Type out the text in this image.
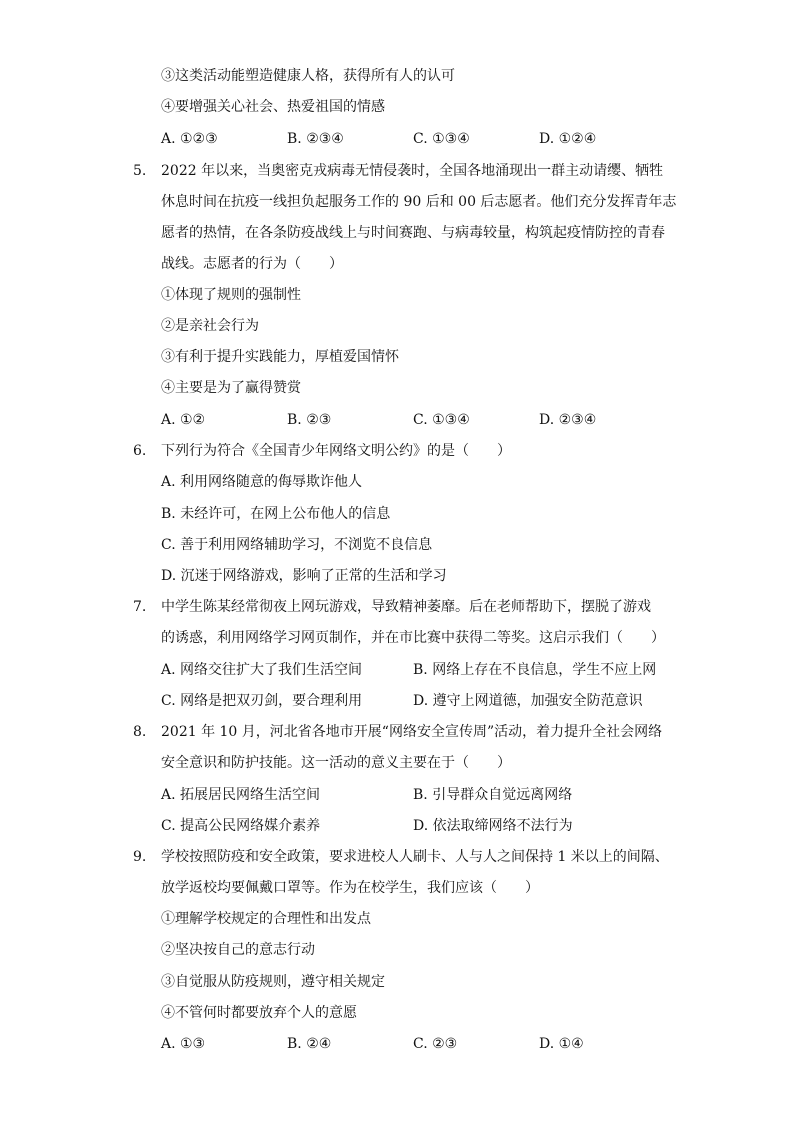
③这类活动能塑造健康人格，获得所有人的认可
④要增强关心社会、热爱祖国的情感
A. ①②③	B. ②③④	C. ①③④	D. ①②④
5. 2022 年以来，当奥密克戎病毒无情侵袭时，全国各地涌现出一群主动请缨、牺牲
休息时间在抗疫一线担负起服务工作的 90 后和 00 后志愿者。他们充分发挥青年志
愿者的热情，在各条防疫战线上与时间赛跑、与病毒较量，构筑起疫情防控的青春
战线。志愿者的行为（　　）
①体现了规则的强制性
②是亲社会行为
③有利于提升实践能力，厚植爱国情怀
④主要是为了赢得赞赏
A. ①②	B. ②③	C. ①③④	D. ②③④
6. 下列行为符合《全国青少年网络文明公约》的是（　　）
A. 利用网络随意的侮辱欺诈他人
B. 未经许可，在网上公布他人的信息
C. 善于利用网络辅助学习，不浏览不良信息
D. 沉迷于网络游戏，影响了正常的生活和学习
7. 中学生陈某经常彻夜上网玩游戏，导致精神萎靡。后在老师帮助下，摆脱了游戏
的诱惑，利用网络学习网页制作，并在市比赛中获得二等奖。这启示我们（　　）
A. 网络交往扩大了我们生活空间	B. 网络上存在不良信息，学生不应上网
C. 网络是把双刃剑，要合理利用	D. 遵守上网道德，加强安全防范意识
8. 2021 年 10 月，河北省各地市开展“网络安全宣传周”活动，着力提升全社会网络
安全意识和防护技能。这一活动的意义主要在于（　　）
A. 拓展居民网络生活空间	B. 引导群众自觉远离网络
C. 提高公民网络媒介素养	D. 依法取缔网络不法行为
9. 学校按照防疫和安全政策，要求进校人人刷卡、人与人之间保持 1 米以上的间隔、
放学返校均要佩戴口罩等。作为在校学生，我们应该（　　）
①理解学校规定的合理性和出发点
②坚决按自己的意志行动
③自觉服从防疫规则，遵守相关规定
④不管何时都要放弃个人的意愿
A. ①③	B. ②④	C. ②③	D. ①④
